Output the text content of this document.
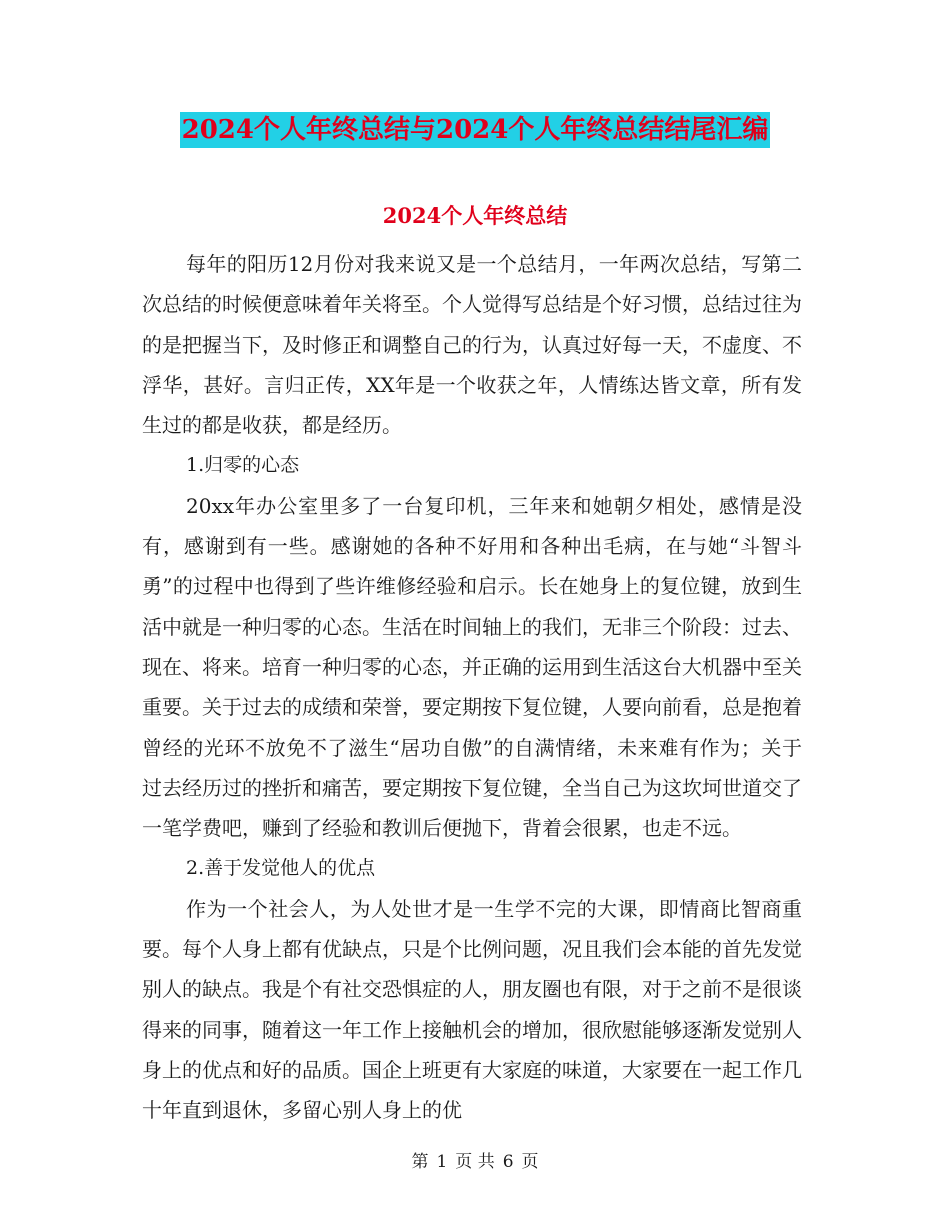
2024个人年终总结与2024个人年终总结结尾汇编
2024个人年终总结

每年的阳历12月份对我来说又是一个总结月，一年两次总结，写第二次总结的时候便意味着年关将至。个人觉得写总结是个好习惯，总结过往为的是把握当下，及时修正和调整自己的行为，认真过好每一天，不虚度、不浮华，甚好。言归正传，XX年是一个收获之年，人情练达皆文章，所有发生过的都是收获，都是经历。

1.归零的心态

20xx年办公室里多了一台复印机，三年来和她朝夕相处，感情是没有，感谢到有一些。感谢她的各种不好用和各种出毛病，在与她“斗智斗勇”的过程中也得到了些许维修经验和启示。长在她身上的复位键，放到生活中就是一种归零的心态。生活在时间轴上的我们，无非三个阶段：过去、现在、将来。培育一种归零的心态，并正确的运用到生活这台大机器中至关重要。关于过去的成绩和荣誉，要定期按下复位键，人要向前看，总是抱着曾经的光环不放免不了滋生“居功自傲”的自满情绪，未来难有作为；关于过去经历过的挫折和痛苦，要定期按下复位键，全当自己为这坎坷世道交了一笔学费吧，赚到了经验和教训后便抛下，背着会很累，也走不远。

2.善于发觉他人的优点

作为一个社会人，为人处世才是一生学不完的大课，即情商比智商重要。每个人身上都有优缺点，只是个比例问题，况且我们会本能的首先发觉别人的缺点。我是个有社交恐惧症的人，朋友圈也有限，对于之前不是很谈得来的同事，随着这一年工作上接触机会的增加，很欣慰能够逐渐发觉别人身上的优点和好的品质。国企上班更有大家庭的味道，大家要在一起工作几十年直到退休，多留心别人身上的优

第 1 页 共 6 页
